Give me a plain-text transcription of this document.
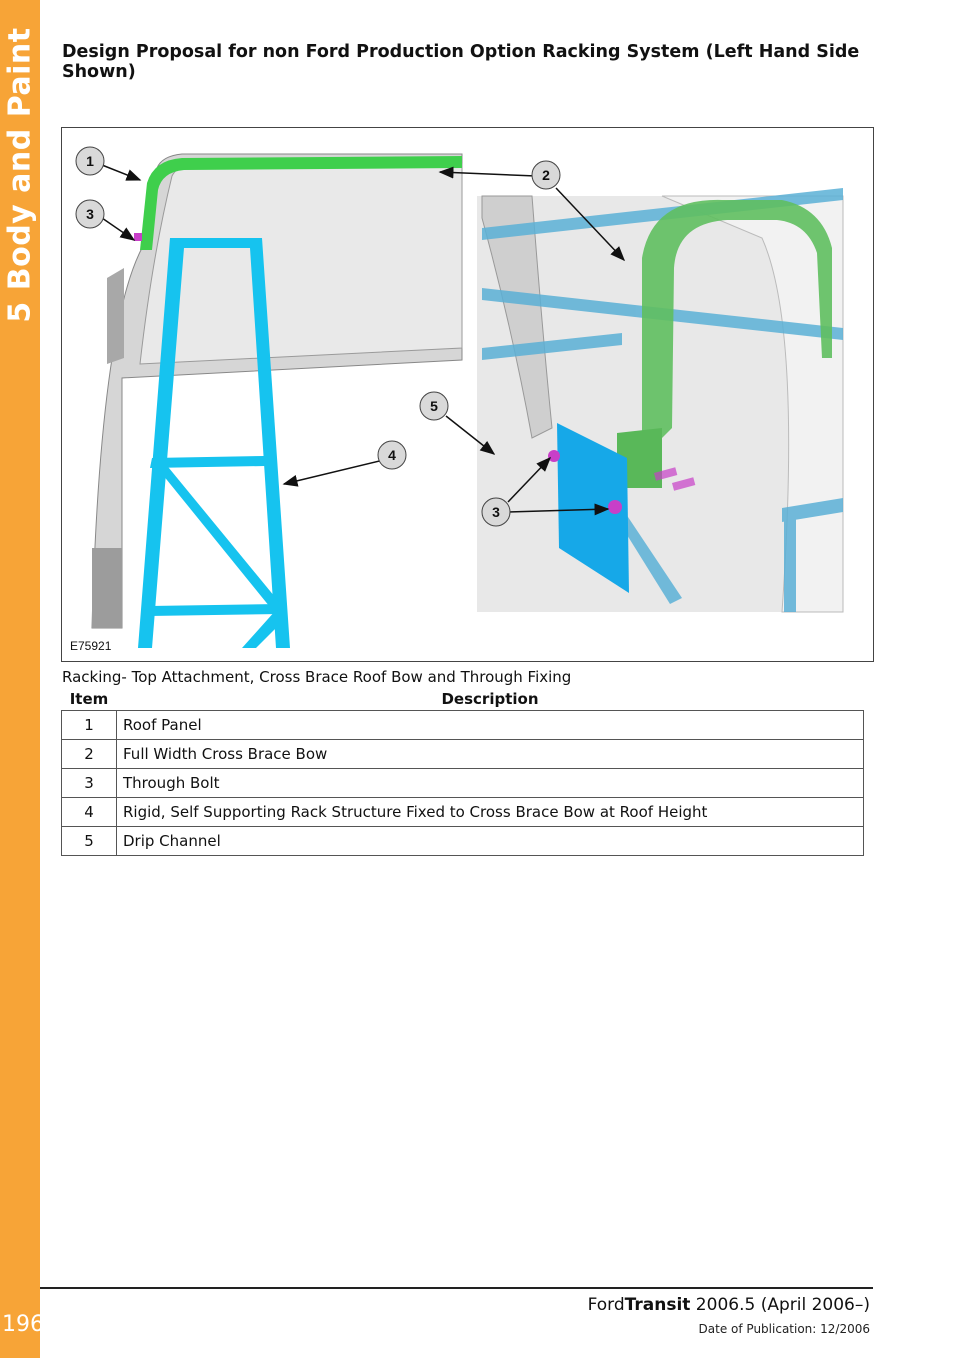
5 Body and Paint
196
Design Proposal for non Ford Production Option Racking System (Left Hand Side Shown)
1
2
3
3
4
5
E75921
Racking- Top Attachment, Cross Brace Roof Bow and Through Fixing
Item	Description
1	Roof Panel
2	Full Width Cross Brace Bow
3	Through Bolt
4	Rigid, Self Supporting Rack Structure Fixed to Cross Brace Bow at Roof Height
5	Drip Channel
FordTransit 2006.5 (April 2006–)
Date of Publication: 12/2006
